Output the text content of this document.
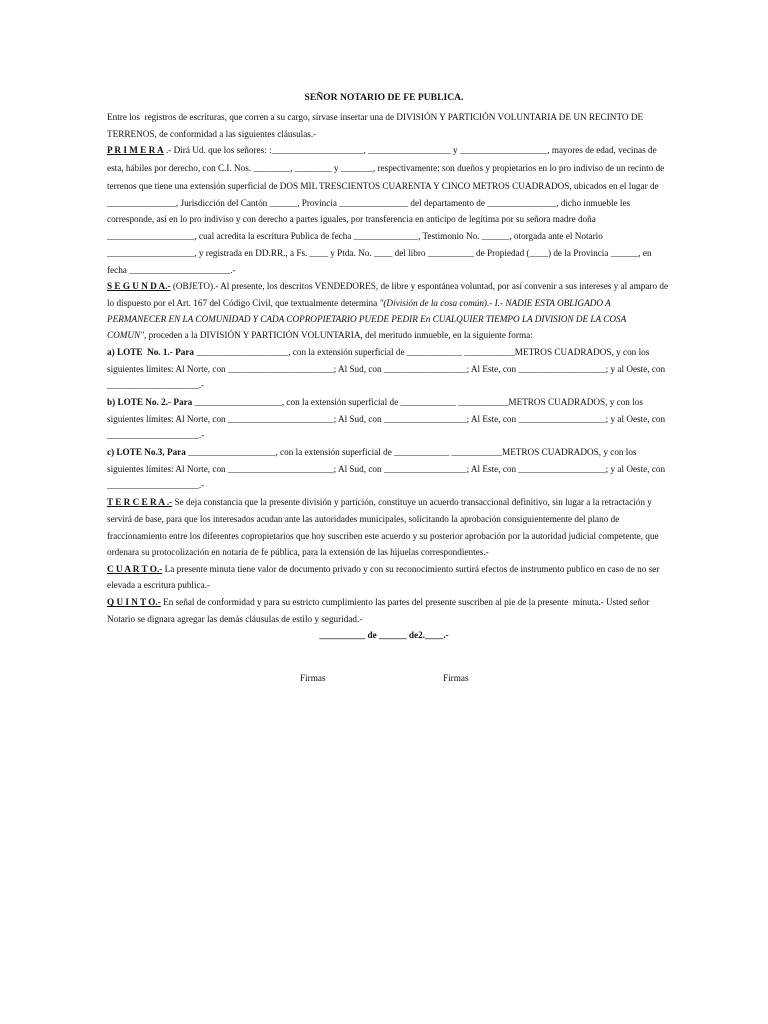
SEÑOR NOTARIO DE FE PUBLICA.
Entre los  registros de escrituras, que corren a su cargo, sírvase insertar una de DIVISIÓN Y PARTICIÓN VOLUNTARIA DE UN RECINTO DE
TERRENOS, de conformidad a las siguientes cláusulas.-
P R I M E R A .- Dirá Ud. que los señores: :____________________, __________________ y ___________________, mayores de edad, vecinas de
esta, hábiles por derecho, con C.I. Nos. ________, ________ y _______, respectivamente; son dueños y propietarios en lo pro indiviso de un recinto de
terrenos que tiene una extensión superficial de DOS MIL TRESCIENTOS CUARENTA Y CINCO METROS CUADRADOS, ubicados en el lugar de
_______________, Jurisdicción del Cantón ______, Provincia _______________ del departamento de _______________, dicho inmueble les
corresponde, así en lo pro indiviso y con derecho a partes iguales, por transferencia en anticipo de legítima por su señora madre doña
___________________, cual acredita la escritura Publica de fecha ______________, Testimonio No. ______, otorgada ante el Notario
___________________, y registrada en DD.RR., a Fs. ____ y Ptda. No. ____ del libro __________ de Propiedad (____) de la Provincia ______, en
fecha ______________________.-
S E G U N D A.- (OBJETO).- Al presente, los descritos VENDEDORES, de libre y espontánea voluntad, por así convenir a sus intereses y al amparo de
lo dispuesto por el Art. 167 del Código Civil, que textualmente determina "(División de la cosa común).- I.- NADIE ESTA OBLIGADO A
PERMANECER EN LA COMUNIDAD Y CADA COPROPIETARIO PUEDE PEDIR En CUALQUIER TIEMPO LA DIVISION DE LA COSA
COMUN", proceden a la DIVISIÓN Y PARTICIÓN VOLUNTARIA, del meritudo inmueble, en la siguiente forma:
a) LOTE  No. 1.- Para ____________________, con la extensión superficial de ____________ ___________METROS CUADRADOS, y con los
siguientes límites: Al Norte, con _______________________; Al Sud, con __________________; Al Este, con ___________________; y al Oeste, con
____________________.-
b) LOTE No. 2.- Para ___________________, con la extensión superficial de ____________ ___________METROS CUADRADOS, y con los
siguientes límites: Al Norte, con _______________________; Al Sud, con __________________; Al Este, con ___________________; y al Oeste, con
____________________.-
c) LOTE No.3, Para ___________________, con la extensión superficial de ____________ ___________METROS CUADRADOS, y con los
siguientes límites: Al Norte, con _______________________; Al Sud, con __________________; Al Este, con ___________________; y al Oeste, con
____________________.-
T E R C E R A .- Se deja constancia que la presente división y partición, constituye un acuerdo transaccional definitivo, sin lugar a la retractación y
servirá de base, para que los interesados acudan ante las autoridades municipales, solicitando la aprobación consiguientemente del plano de
fraccionamiento entre los diferentes copropietarios que hoy suscriben este acuerdo y su posterior aprobación por la autoridad judicial competente, que
ordenara su protocolización en notaría de fe pública, para la extensión de las hijuelas correspondientes.-
C U A R T O.- La presente minuta tiene valor de documento privado y con su reconocimiento surtirá efectos de instrumento publico en caso de no ser
elevada a escritura publica.-
Q U I N T O.- En señal de conformidad y para su estricto cumplimiento las partes del presente suscriben al pie de la presente  minuta.- Usted señor
Notario se dignara agregar las demás cláusulas de estilo y seguridad.-
__________ de ______ de2.____.-
Firmas	Firmas
